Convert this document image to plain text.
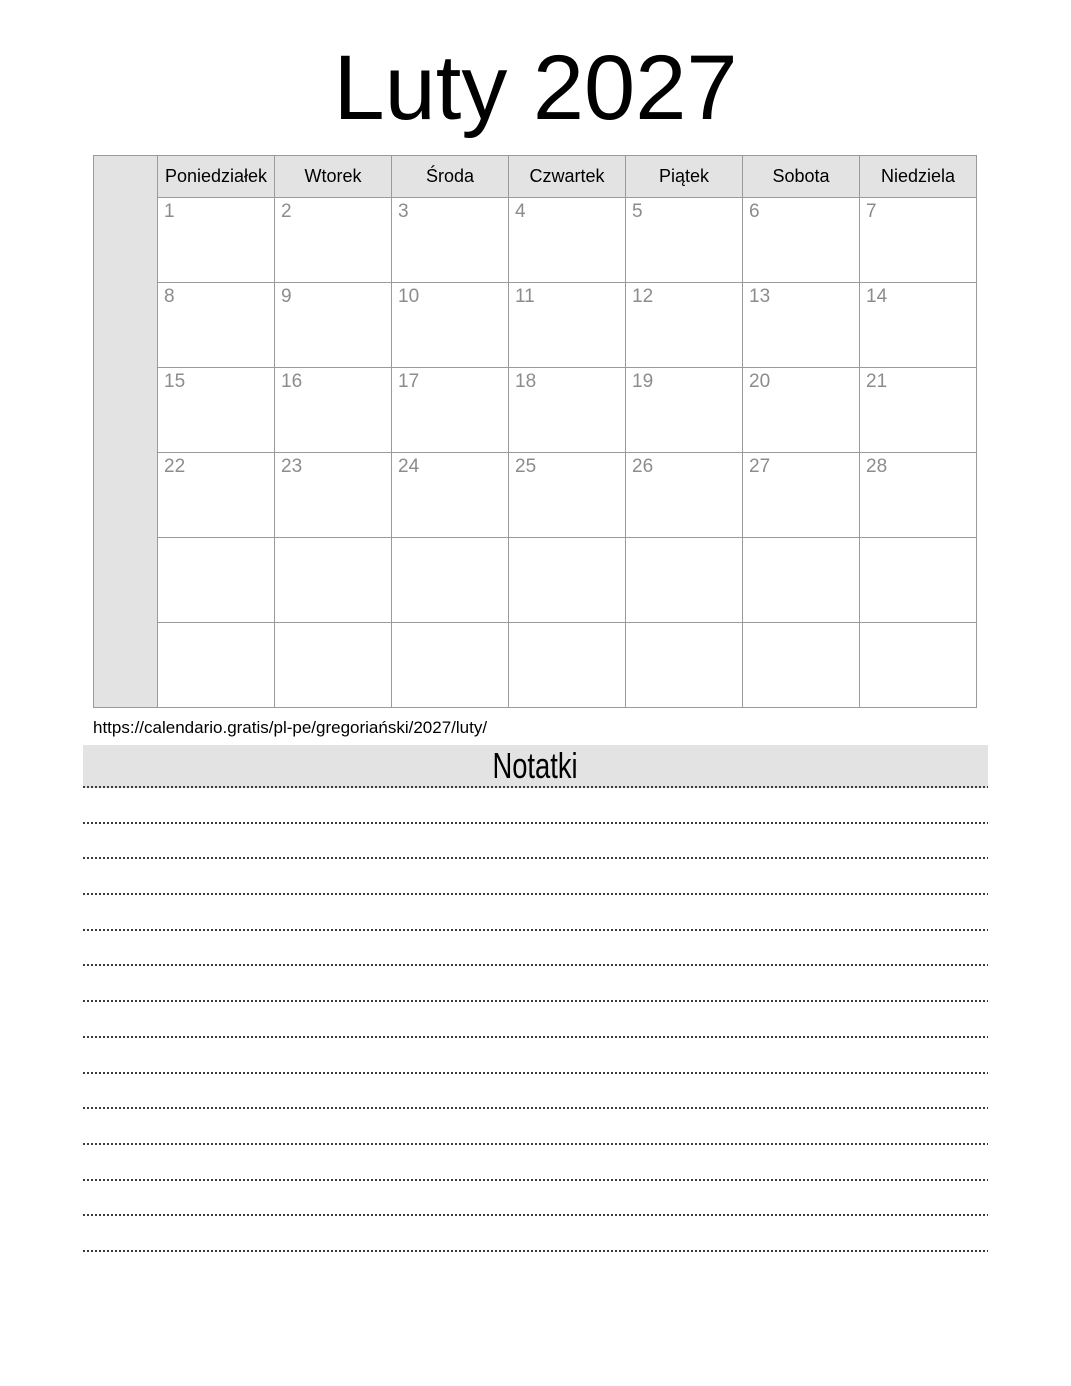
Luty 2027
	Poniedziałek	Wtorek	Środa	Czwartek	Piątek	Sobota	Niedziela
	1	2	3	4	5	6	7
	8	9	10	11	12	13	14
	15	16	17	18	19	20	21
	22	23	24	25	26	27	28

https://calendario.gratis/pl-pe/gregoriański/2027/luty/
Notatki
